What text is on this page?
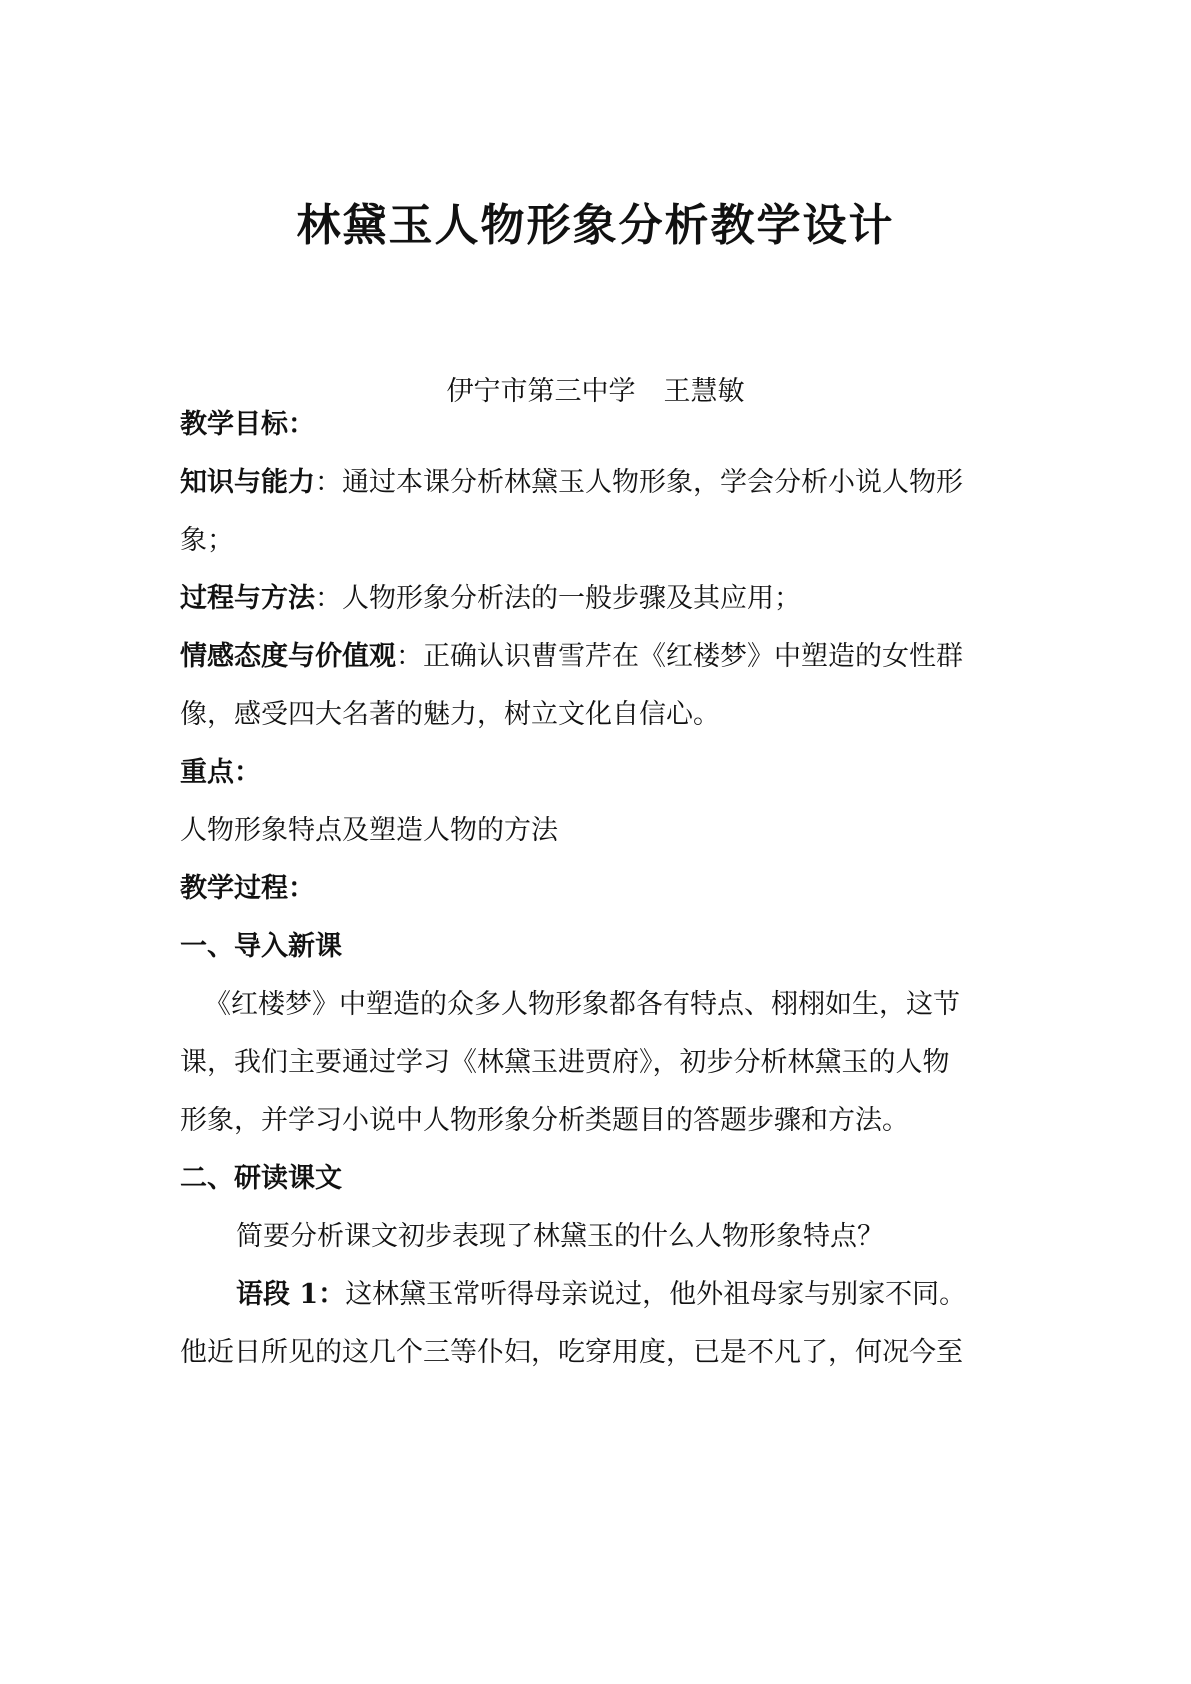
林黛玉人物形象分析教学设计
伊宁市第三中学 王慧敏
教学目标：
知识与能力：通过本课分析林黛玉人物形象，学会分析小说人物形
象；
过程与方法：人物形象分析法的一般步骤及其应用；
情感态度与价值观：正确认识曹雪芹在《红楼梦》中塑造的女性群
像，感受四大名著的魅力，树立文化自信心。
重点：
人物形象特点及塑造人物的方法
教学过程：
一、导入新课
《红楼梦》中塑造的众多人物形象都各有特点、栩栩如生，这节
课，我们主要通过学习《林黛玉进贾府》，初步分析林黛玉的人物
形象，并学习小说中人物形象分析类题目的答题步骤和方法。
二、研读课文
简要分析课文初步表现了林黛玉的什么人物形象特点？
语段 1：这林黛玉常听得母亲说过，他外祖母家与别家不同。
他近日所见的这几个三等仆妇，吃穿用度，已是不凡了，何况今至
